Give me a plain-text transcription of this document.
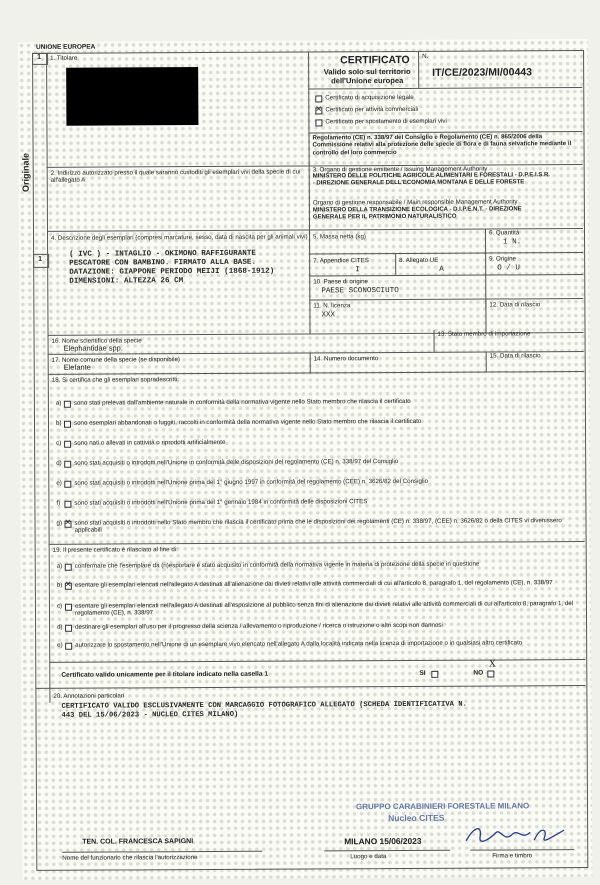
UNIONE EUROPEA
1
Originale
1
1. Titolare	CERTIFICATO
Valido solo sul territorio dell'Unione europea
N.
IT/CE/2023/MI/00443
Certificato di acquisizione legale
✕
Certificato per attività commerciali
Certificato per spostamento di esemplari vivi
Regolamento (CE) n. 338/97 del Consiglio e Regolamento (CE) n. 865/2006 della Commissione relativi alla protezione delle specie di flora e di fauna selvatiche mediante il controllo del loro commercio
2. Indirizzo autorizzato presso il quale saranno custoditi gli esemplari vivi della specie di cui all'allegato A
3. Organo di gestione emittente / Issuing Management Authority
MINISTERO DELLE POLITICHE AGRICOLE ALIMENTARI E FORESTALI - D.P.E.I.S.R.
- DIREZIONE GENERALE DELL'ECONOMIA MONTANA E DELLE FORESTE
Organo di gestione responsabile / Main responsible Management Authority
MINISTERO DELLA TRANSIZIONE ECOLOGICA - D.I.P.E.N.T. - DIREZIONE
GENERALE PER IL PATRIMONIO NATURALISTICO
4. Descrizione degli esemplari (compresi marcature, sesso, data di nascita per gli animali vivi)
( IVC ) - INTAGLIO - OKIMONO RAFFIGURANTE
PESCATORE CON BAMBINO. FIRMATO ALLA BASE.
DATAZIONE: GIAPPONE PERIODO MEIJI (1868-1912)
DIMENSIONI: ALTEZZA 26 CM
5. Massa netta (kg)
6. Quantità
1 N.
7. Appendice CITES
I
8. Allegato UE
A
9. Origine
O / U
10. Paese di origine
PAESE SCONOSCIUTO
11. N. licenza
XXX
12. Data di rilascio
16. Nome scientifico della specie
Elephantidae spp.
13. Stato membro di importazione
17. Nome comune della specie (se disponibile)
Elefante
14. Numero documento	15. Data di rilascio
18. Si certifica che gli esemplari sopradescritti:
a) sono stati prelevati dall'ambiente naturale in conformità della normativa vigente nello Stato membro che rilascia il certificato
b) sono esemplari abbandonati o fuggiti, raccolti in conformità della normativa vigente nello Stato membro che rilascia il certificato
c) sono nati o allevati in cattività o riprodotti artificialmente
d) sono stati acquisiti o introdotti nell'Unione in conformità delle disposizioni del regolamento (CE) n. 338/97 del Consiglio
e) sono stati acquisiti o introdotti nell'Unione prima del 1° giugno 1997 in conformità del regolamento (CEE) n. 3626/82 del Consiglio
f) sono stati acquisiti o introdotti nell'Unione prima del 1° gennaio 1984 in conformità delle disposizioni CITES
g) ✕ sono stati acquisiti o introdotti nello Stato membro che rilascia il certificato prima che le disposizioni dei regolamenti (CE) n. 338/97, (CEE) n. 3626/82 o della CITES vi divenissero applicabili
19. Il presente certificato è rilasciato al fine di:
a) confermare che l'esemplare da (ri)esportare è stato acquisito in conformità della normativa vigente in materia di protezione della specie in questione
b) ✕ esentare gli esemplari elencati nell'allegato A destinati all'alienazione dai divieti relativi alle attività commerciali di cui all'articolo 8, paragrafo 1, del regolamento (CE), n. 338/97
c) esentare gli esemplari elencati nell'allegato A destinati all'esposizione al pubblico senza fini di alienazione dai divieti relativi alle attività commerciali di cui all'articolo 8, paragrafo 1, del regolamento (CE), n. 338/97
d) destinare gli esemplari all'uso per il progresso della scienza / allevamento o riproduzione / ricerca o istruzione o altri scopi non dannosi
e) autorizzare lo spostamento nell'Unione di un esemplare vivo elencato nell'allegato A dalla località indicata nella licenza di importazione o in qualsiasi altro certificato
Certificato valido unicamente per il titolare indicato nella casella 1	SI	NO
X
20. Annotazioni particolari
CERTIFICATO VALIDO ESCLUSIVAMENTE CON MARCAGGIO FOTOGRAFICO ALLEGATO (SCHEDA IDENTIFICATIVA N.
443 DEL 15/06/2023 - NUCLEO CITES MILANO)
GRUPPO CARABINIERI FORESTALE MILANO
Nucleo CITES
TEN. COL. FRANCESCA SAPIGNI	MILANO 15/06/2023
Nome del funzionario che rilascia l'autorizzazione	Luogo e data	Firma e timbro
